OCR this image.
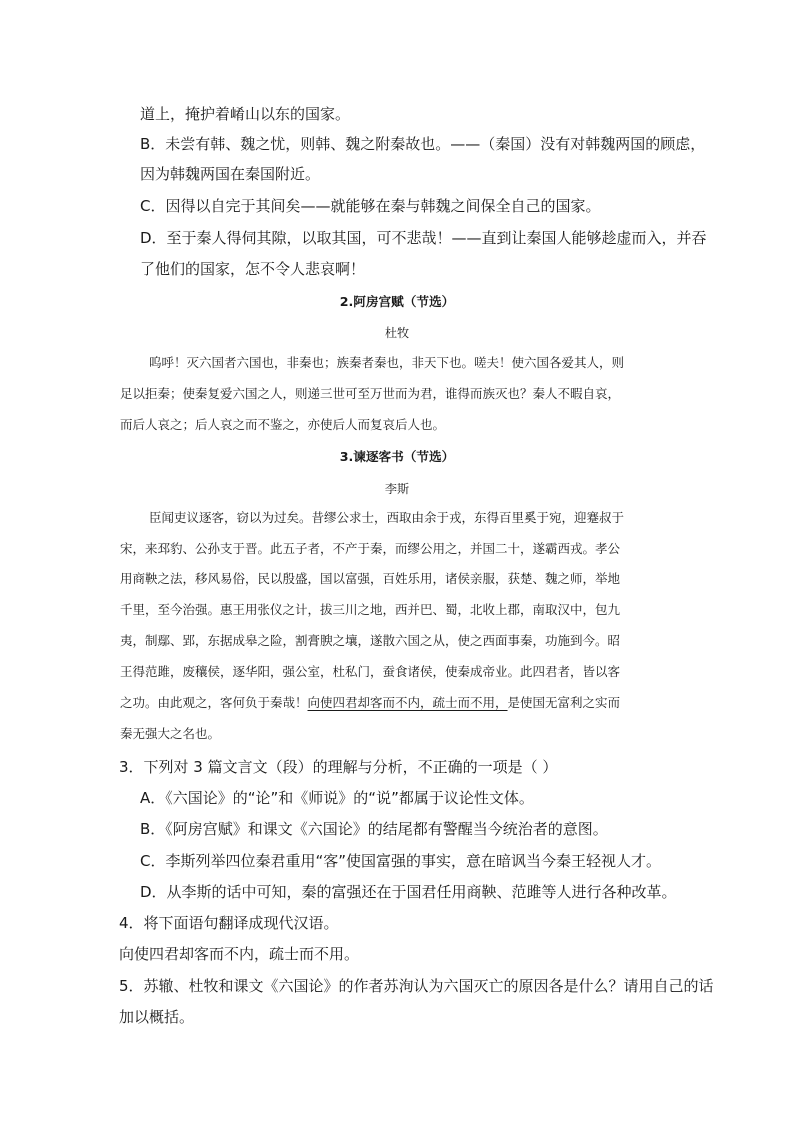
道上，掩护着崤山以东的国家。
B．未尝有韩、魏之忧，则韩、魏之附秦故也。——（秦国）没有对韩魏两国的顾虑，
因为韩魏两国在秦国附近。
C．因得以自完于其间矣——就能够在秦与韩魏之间保全自己的国家。
D．至于秦人得伺其隙，以取其国，可不悲哉！——直到让秦国人能够趁虚而入，并吞
了他们的国家，怎不令人悲哀啊！
2.阿房宫赋（节选）
杜牧
呜呼！灭六国者六国也，非秦也；族秦者秦也，非天下也。嗟夫！使六国各爱其人，则
足以拒秦；使秦复爱六国之人，则递三世可至万世而为君，谁得而族灭也？秦人不暇自哀，
而后人哀之；后人哀之而不鉴之，亦使后人而复哀后人也。
3.谏逐客书（节选）
李斯
臣闻吏议逐客，窃以为过矣。昔缪公求士，西取由余于戎，东得百里奚于宛，迎蹇叔于
宋，来邳豹、公孙支于晋。此五子者，不产于秦，而缪公用之，并国二十，遂霸西戎。孝公
用商鞅之法，移风易俗，民以殷盛，国以富强，百姓乐用，诸侯亲服，获楚、魏之师，举地
千里，至今治强。惠王用张仪之计，拔三川之地，西并巴、蜀，北收上郡，南取汉中，包九
夷，制鄢、郢，东据成皋之险，割膏腴之壤，遂散六国之从，使之西面事秦，功施到今。昭
王得范雎，废穰侯，逐华阳，强公室，杜私门，蚕食诸侯，使秦成帝业。此四君者，皆以客
之功。由此观之，客何负于秦哉！向使四君却客而不内，疏士而不用，是使国无富利之实而
秦无强大之名也。
3．下列对 3 篇文言文（段）的理解与分析，不正确的一项是（ ）
A．《六国论》的“论”和《师说》的“说”都属于议论性文体。
B．《阿房宫赋》和课文《六国论》的结尾都有警醒当今统治者的意图。
C．李斯列举四位秦君重用“客”使国富强的事实，意在暗讽当今秦王轻视人才。
D．从李斯的话中可知，秦的富强还在于国君任用商鞅、范雎等人进行各种改革。
4．将下面语句翻译成现代汉语。
向使四君却客而不内，疏士而不用。
5．苏辙、杜牧和课文《六国论》的作者苏洵认为六国灭亡的原因各是什么？请用自己的话
加以概括。
